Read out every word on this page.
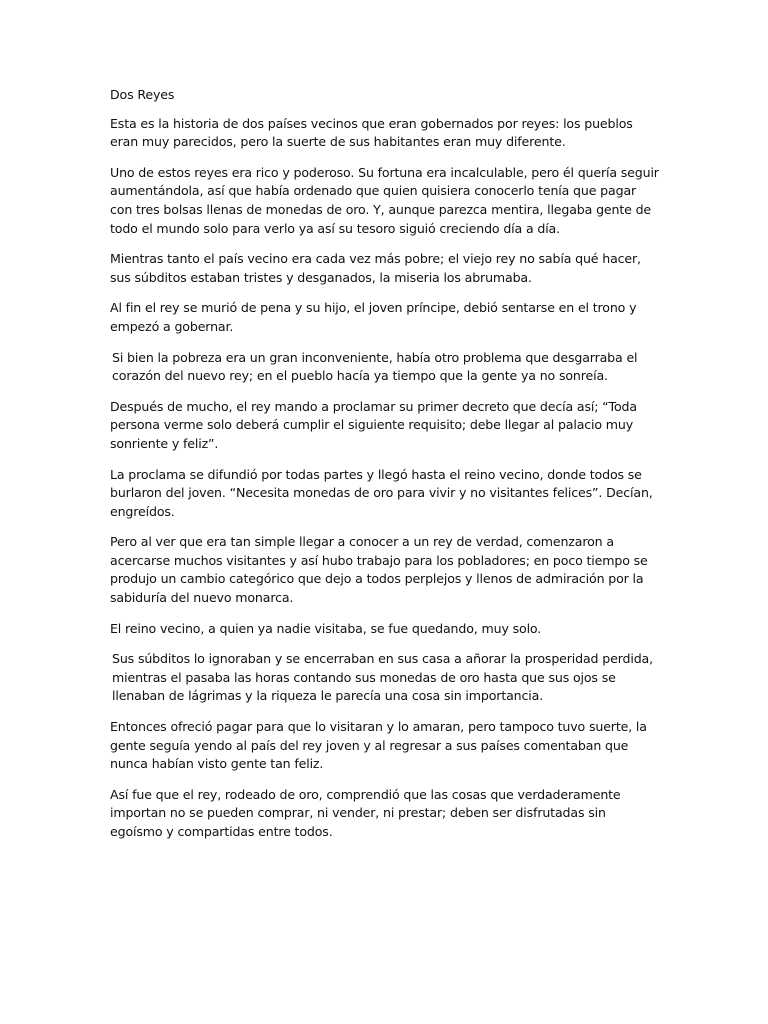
Dos Reyes

Esta es la historia de dos países vecinos que eran gobernados por reyes: los pueblos eran muy parecidos, pero la suerte de sus habitantes eran muy diferente.

Uno de estos reyes era rico y poderoso. Su fortuna era incalculable, pero él quería seguir aumentándola, así que había ordenado que quien quisiera conocerlo tenía que pagar con tres bolsas llenas de monedas de oro. Y, aunque parezca mentira, llegaba gente de todo el mundo solo para verlo ya así su tesoro siguió creciendo día a día.

Mientras tanto el país vecino era cada vez más pobre; el viejo rey no sabía qué hacer, sus súbditos estaban tristes y desganados, la miseria los abrumaba.

Al fin el rey se murió de pena y su hijo, el joven príncipe, debió sentarse en el trono y empezó a gobernar.

Si bien la pobreza era un gran inconveniente, había otro problema que desgarraba el corazón del nuevo rey; en el pueblo hacía ya tiempo que la gente ya no sonreía.

Después de mucho, el rey mando a proclamar su primer decreto que decía así; “Toda persona verme solo deberá cumplir el siguiente requisito; debe llegar al palacio muy sonriente y feliz”.

La proclama se difundió por todas partes y llegó hasta el reino vecino, donde todos se burlaron del joven. “Necesita monedas de oro para vivir y no visitantes felices”. Decían, engreídos.

Pero al ver que era tan simple llegar a conocer a un rey de verdad, comenzaron a acercarse muchos visitantes y así hubo trabajo para los pobladores; en poco tiempo se produjo un cambio categórico que dejo a todos perplejos y llenos de admiración por la sabiduría del nuevo monarca.

El reino vecino, a quien ya nadie visitaba, se fue quedando, muy solo.

Sus súbditos lo ignoraban y se encerraban en sus casa a añorar la prosperidad perdida, mientras el pasaba las horas contando sus monedas de oro hasta que sus ojos se llenaban de lágrimas y la riqueza le parecía una cosa sin importancia.

Entonces ofreció pagar para que lo visitaran y lo amaran, pero tampoco tuvo suerte, la gente seguía yendo al país del rey joven y al regresar a sus países comentaban que nunca habían visto gente tan feliz.

Así fue que el rey, rodeado de oro, comprendió que las cosas que verdaderamente importan no se pueden comprar, ni vender, ni prestar; deben ser disfrutadas sin egoísmo y compartidas entre todos.
